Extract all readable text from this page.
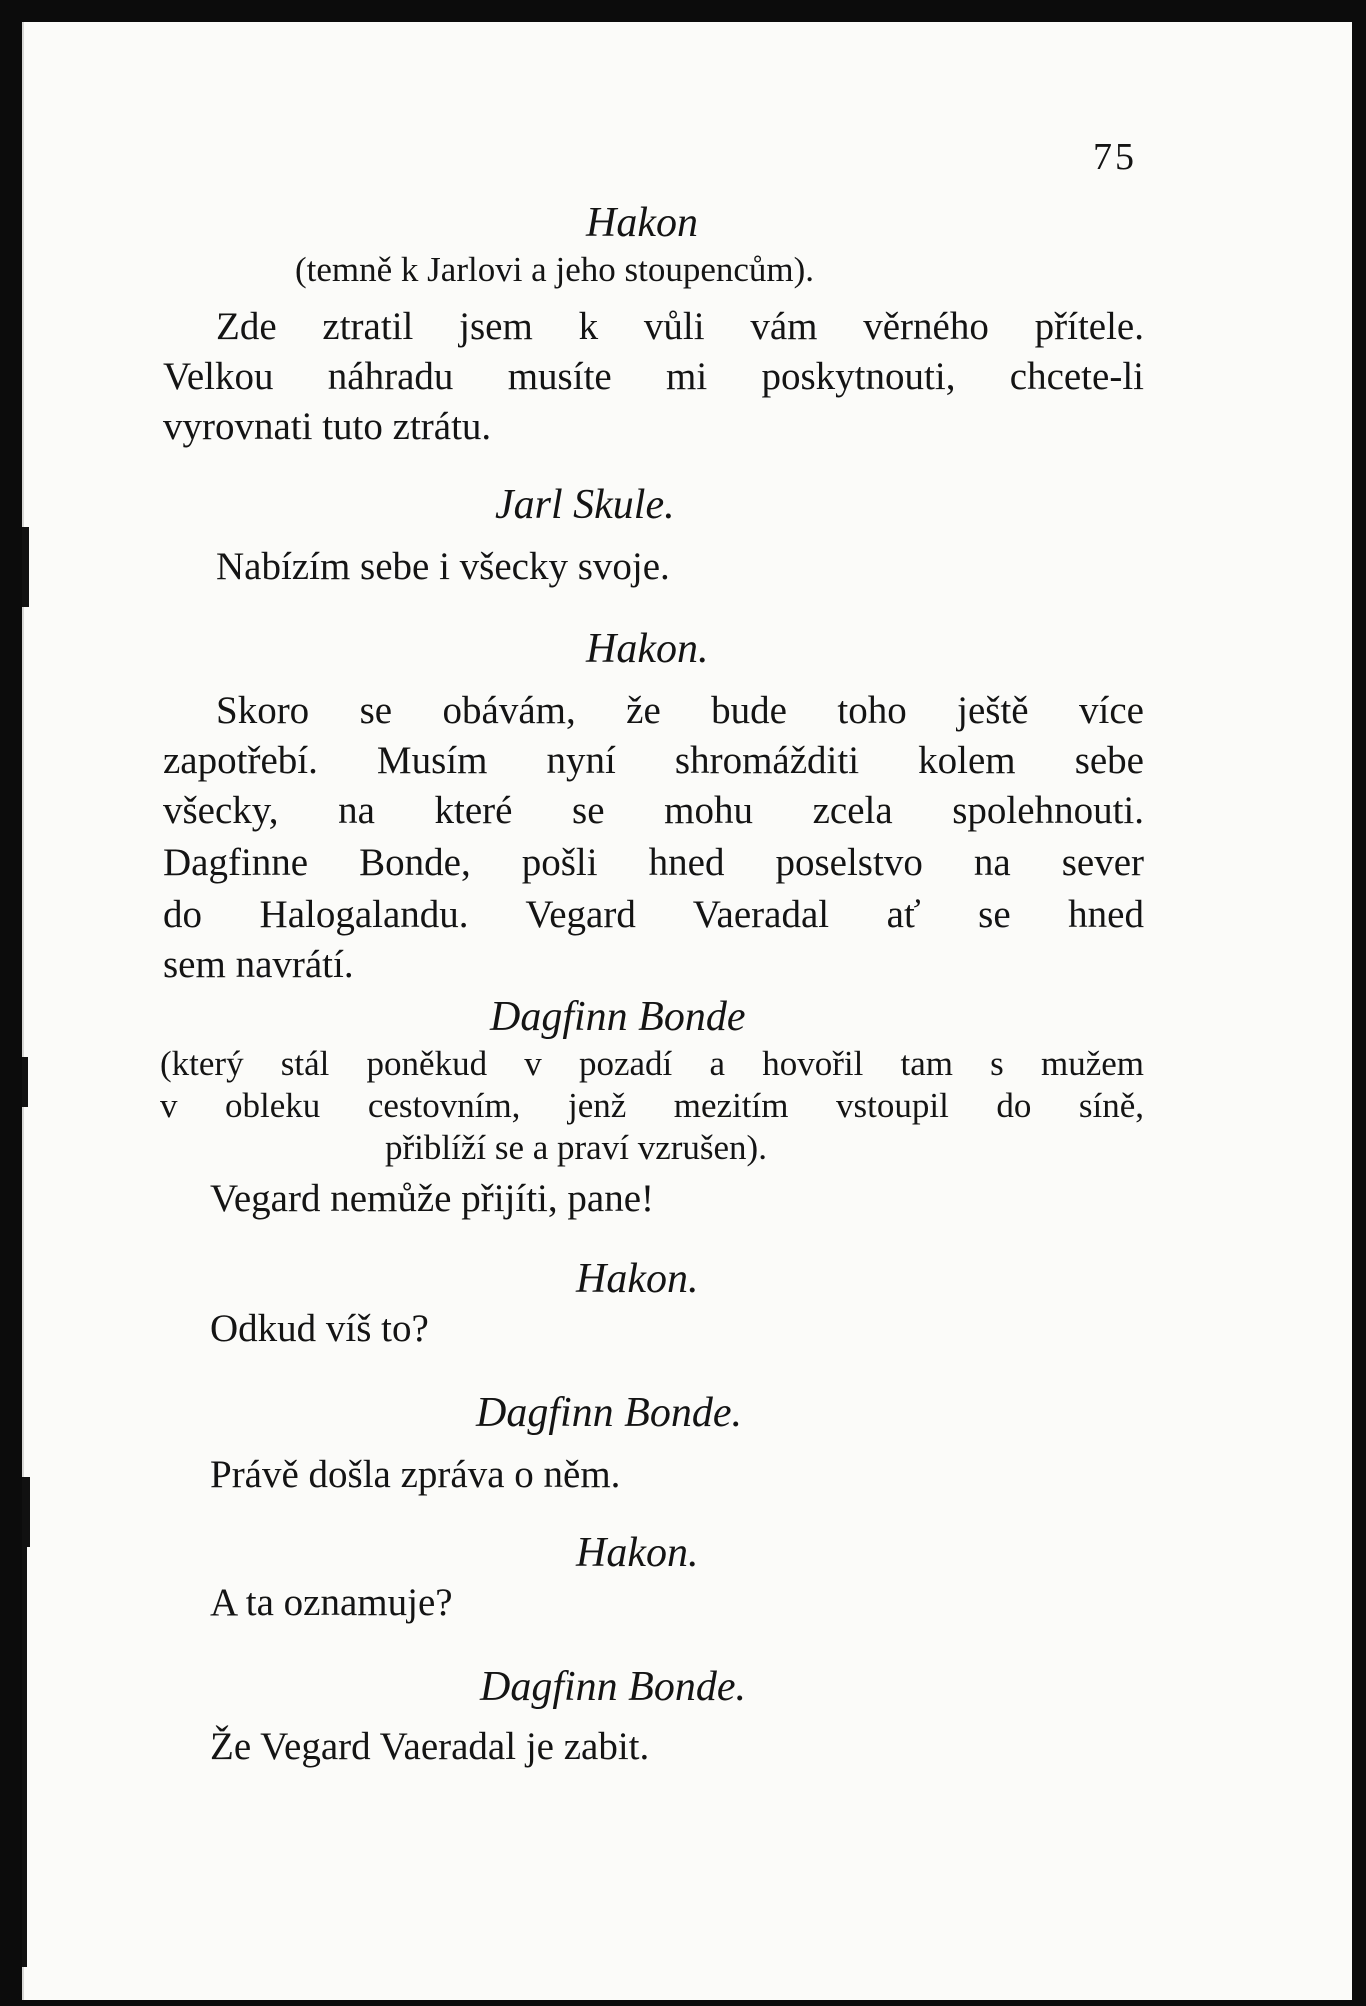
75
Hakon
(temně k Jarlovi a jeho stoupencům).
Zde ztratil jsem k vůli vám věrného přítele.
Velkou náhradu musíte mi poskytnouti, chcete-li
vyrovnati tuto ztrátu.
Jarl Skule.
Nabízím sebe i všecky svoje.
Hakon.
Skoro se obávám, že bude toho ještě více
zapotřebí. Musím nyní shromážditi kolem sebe
všecky, na které se mohu zcela spolehnouti.
Dagfinne Bonde, pošli hned poselstvo na sever
do Halogalandu. Vegard Vaeradal ať se hned
sem navrátí.
Dagfinn Bonde
(který stál poněkud v pozadí a hovořil tam s mužem
v obleku cestovním, jenž mezitím vstoupil do síně,
přiblíží se a praví vzrušen).
Vegard nemůže přijíti, pane!
Hakon.
Odkud víš to?
Dagfinn Bonde.
Právě došla zpráva o něm.
Hakon.
A ta oznamuje?
Dagfinn Bonde.
Že Vegard Vaeradal je zabit.
